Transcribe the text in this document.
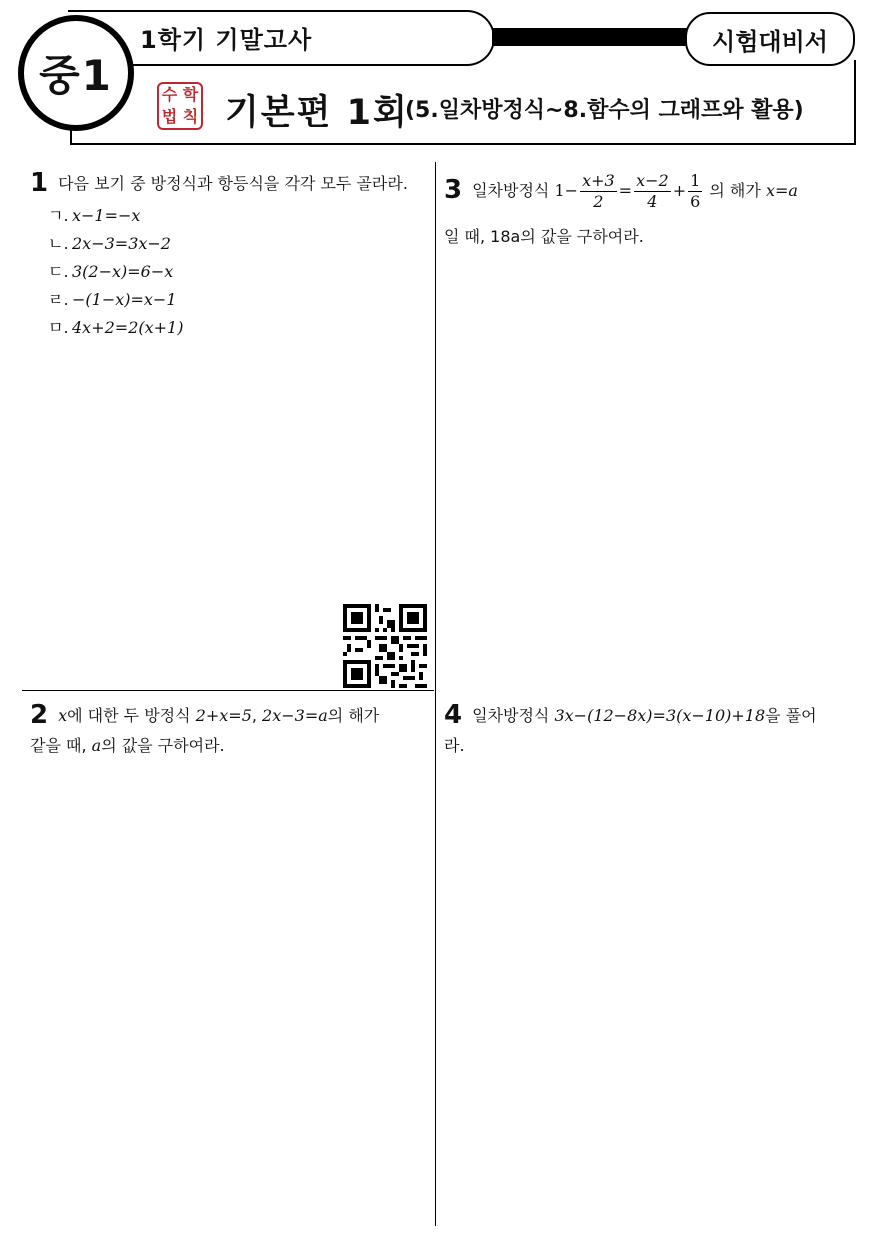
1학기 기말고사	시험대비서
중1	수 학
법 칙 기본편 1회
(5.일차방정식~8.함수의 그래프와 활용)
1 다음 보기 중 방정식과 항등식을 각각 모두 골라라.
ㄱ. x−1=−x
ㄴ. 2x−3=3x−2
ㄷ. 3(2−x)=6−x
ㄹ. −(1−x)=x−1
ㅁ. 4x+2=2(x+1)
2 x에 대한 두 방정식 2+x=5, 2x−3=a의 해가
같을 때, a의 값을 구하여라.
3 일차방정식 $1- \frac{x+3}{2} = \frac{x-2}{4} + \frac{1}{6}$ 의 해가 x=a
일 때, 18a의 값을 구하여라.
4 일차방정식 3x−(12−8x)=3(x−10)+18을 풀어
라.
